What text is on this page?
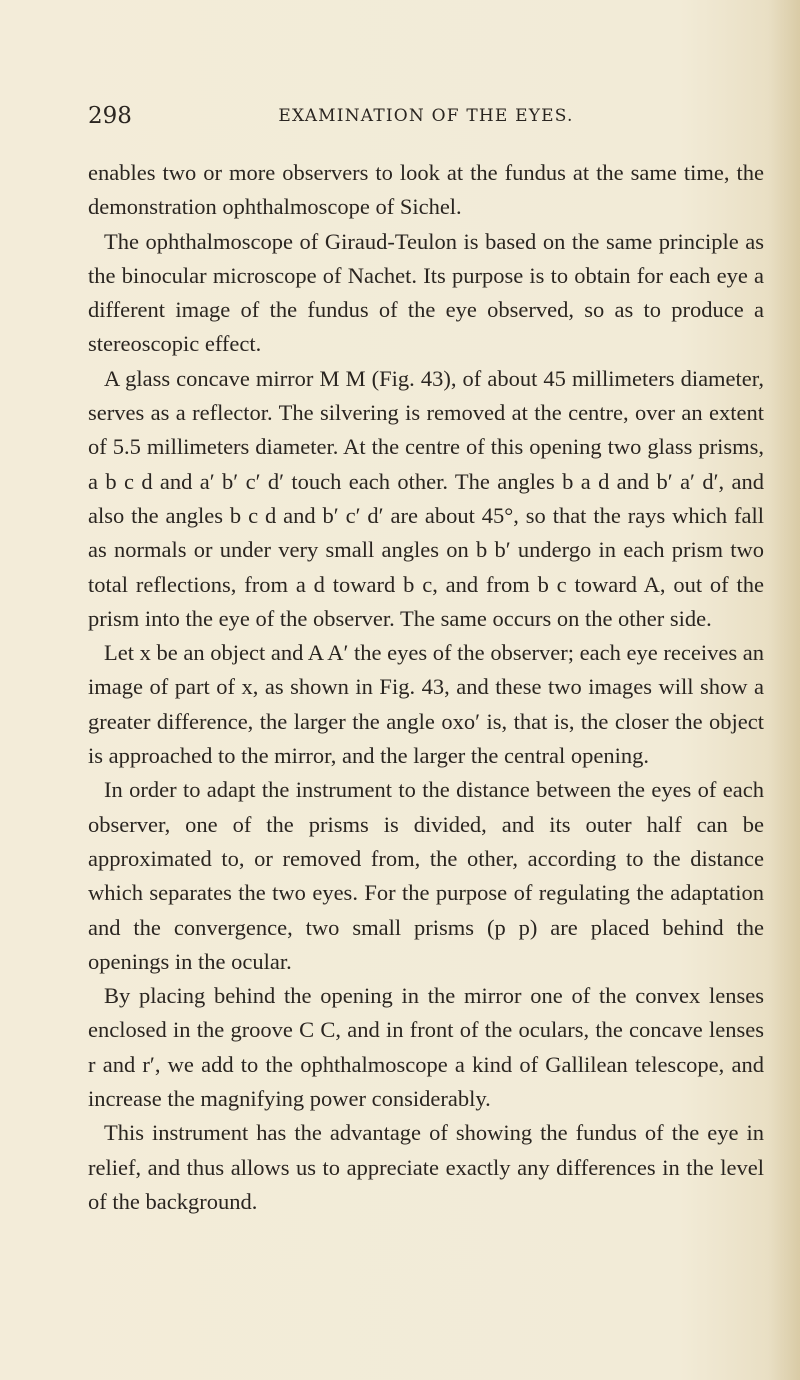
298	EXAMINATION OF THE EYES.

enables two or more observers to look at the fundus at the same time, the demonstration ophthalmoscope of Sichel.

The ophthalmoscope of Giraud-Teulon is based on the same principle as the binocular microscope of Nachet. Its purpose is to obtain for each eye a different image of the fundus of the eye observed, so as to produce a stereoscopic effect.

A glass concave mirror M M (Fig. 43), of about 45 millimeters diameter, serves as a reflector. The silvering is removed at the centre, over an extent of 5.5 millimeters diameter. At the centre of this opening two glass prisms, a b c d and a′ b′ c′ d′ touch each other. The angles b a d and b′ a′ d′, and also the angles b c d and b′ c′ d′ are about 45°, so that the rays which fall as normals or under very small angles on b b′ undergo in each prism two total reflections, from a d toward b c, and from b c toward A, out of the prism into the eye of the observer. The same occurs on the other side.

Let x be an object and A A′ the eyes of the observer; each eye receives an image of part of x, as shown in Fig. 43, and these two images will show a greater difference, the larger the angle oxo′ is, that is, the closer the object is approached to the mirror, and the larger the central opening.

In order to adapt the instrument to the distance between the eyes of each observer, one of the prisms is divided, and its outer half can be approximated to, or removed from, the other, according to the distance which separates the two eyes. For the purpose of regulating the adaptation and the convergence, two small prisms (p p) are placed behind the openings in the ocular.

By placing behind the opening in the mirror one of the convex lenses enclosed in the groove C C, and in front of the oculars, the concave lenses r and r′, we add to the ophthalmoscope a kind of Gallilean telescope, and increase the magnifying power considerably.

This instrument has the advantage of showing the fundus of the eye in relief, and thus allows us to appreciate exactly any differences in the level of the background.
